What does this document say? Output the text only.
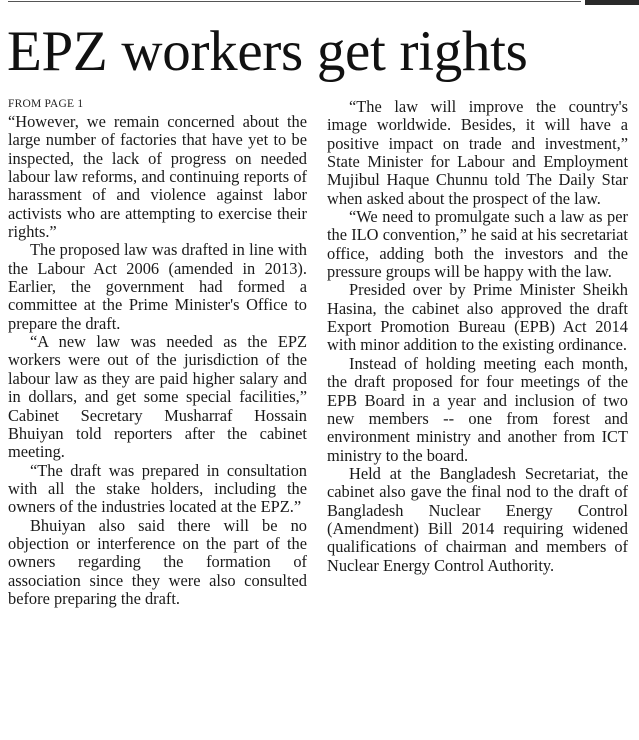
EPZ workers get rights
FROM PAGE 1

“However, we remain concerned about the large number of factories that have yet to be inspected, the lack of progress on needed labour law reforms, and continuing reports of harassment of and violence against labor activists who are attempting to exercise their rights.”

The proposed law was drafted in line with the Labour Act 2006 (amended in 2013). Earlier, the government had formed a committee at the Prime Minister's Office to prepare the draft.

“A new law was needed as the EPZ workers were out of the jurisdiction of the labour law as they are paid higher salary and in dollars, and get some special facilities,” Cabinet Secretary Musharraf Hossain Bhuiyan told reporters after the cabinet meeting.

“The draft was prepared in consultation with all the stake holders, including the owners of the industries located at the EPZ.”

Bhuiyan also said there will be no objection or interference on the part of the owners regarding the formation of association since they were also consulted before preparing the draft.

“The law will improve the country's image worldwide. Besides, it will have a positive impact on trade and investment,” State Minister for Labour and Employment Mujibul Haque Chunnu told The Daily Star when asked about the prospect of the law.

“We need to promulgate such a law as per the ILO convention,” he said at his secretariat office, adding both the investors and the pressure groups will be happy with the law.

Presided over by Prime Minister Sheikh Hasina, the cabinet also approved the draft Export Promotion Bureau (EPB) Act 2014 with minor addition to the existing ordinance.

Instead of holding meeting each month, the draft proposed for four meetings of the EPB Board in a year and inclusion of two new members -- one from forest and environment ministry and another from ICT ministry to the board.

Held at the Bangladesh Secretariat, the cabinet also gave the final nod to the draft of Bangladesh Nuclear Energy Control (Amendment) Bill 2014 requiring widened qualifications of chairman and members of Nuclear Energy Control Authority.
